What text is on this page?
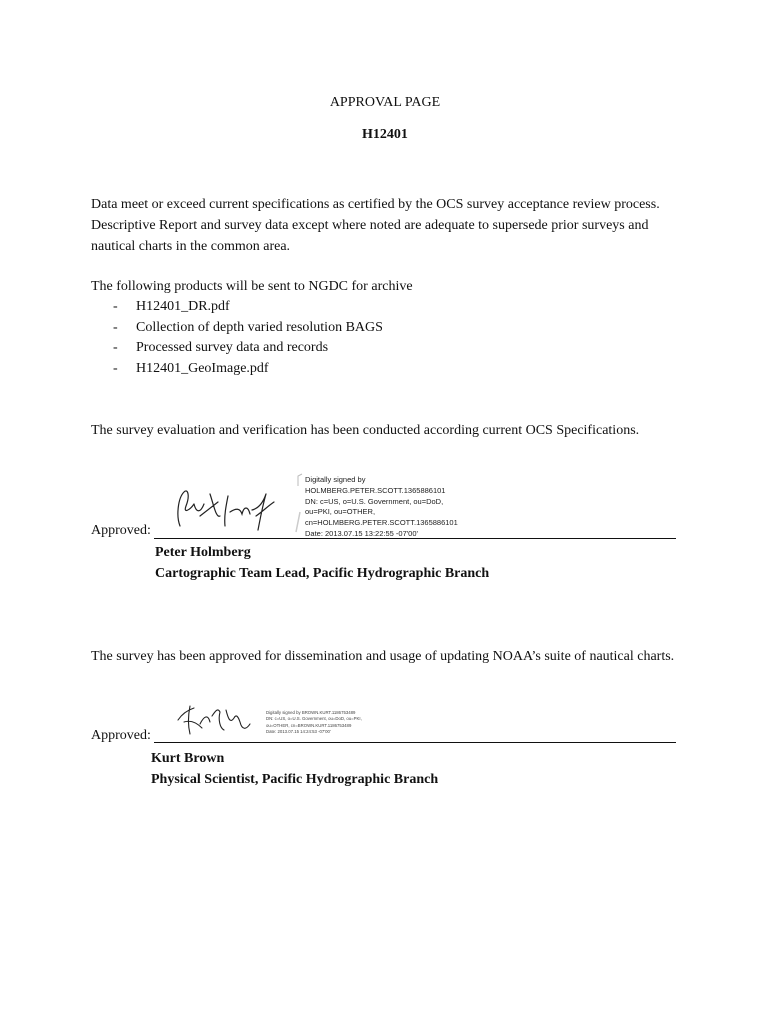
APPROVAL PAGE
H12401

Data meet or exceed current specifications as certified by the OCS survey acceptance review process. Descriptive Report and survey data except where noted are adequate to supersede prior surveys and nautical charts in the common area.

The following products will be sent to NGDC for archive

- H12401_DR.pdf
- Collection of depth varied resolution BAGS
- Processed survey data and records
- H12401_GeoImage.pdf

The survey evaluation and verification has been conducted according current OCS Specifications.

Digitally signed by
HOLMBERG.PETER.SCOTT.1365886101
DN: c=US, o=U.S. Government, ou=DoD,
ou=PKI, ou=OTHER,
cn=HOLMBERG.PETER.SCOTT.1365886101
Date: 2013.07.15 13:22:55 -07'00'
Approved:
Peter Holmberg
Cartographic Team Lead, Pacific Hydrographic Branch

The survey has been approved for dissemination and usage of updating NOAA’s suite of nautical charts.

Digitally signed by BROWN.KURT.1186753489
DN: c=US, o=U.S. Government, ou=DoD, ou=PKI,
ou=OTHER, cn=BROWN.KURT.1186753489
Date: 2013.07.15 14:24:53 -07'00'
Approved:
Kurt Brown
Physical Scientist, Pacific Hydrographic Branch
